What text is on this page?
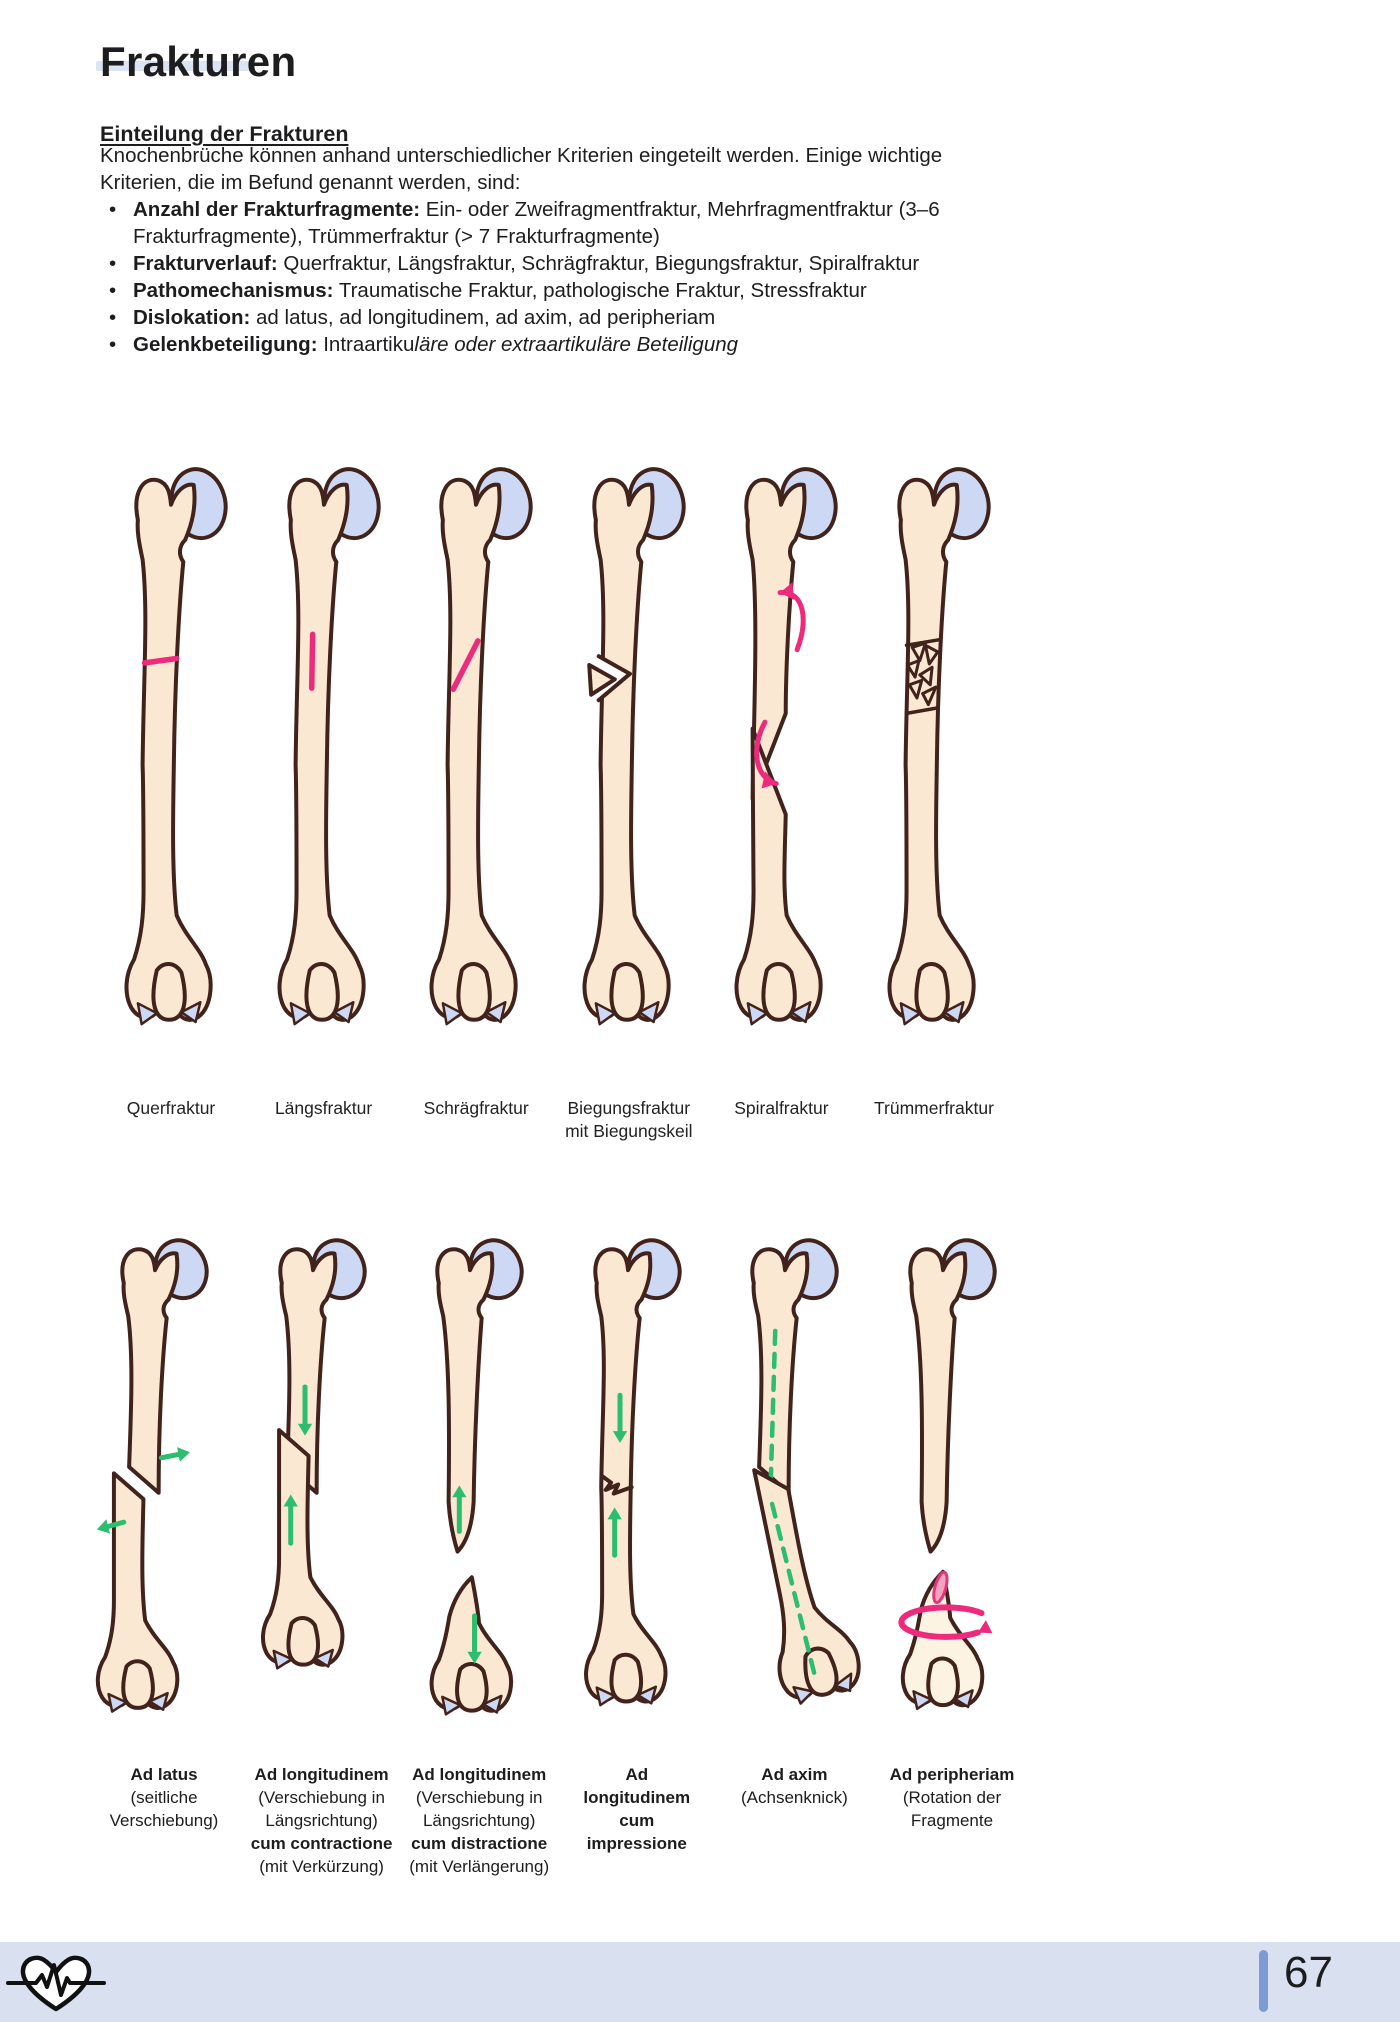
Frakturen
Einteilung der Frakturen

Knochenbrüche können anhand unterschiedlicher Kriterien eingeteilt werden. Einige wichtige Kriterien, die im Befund genannt werden, sind:

• Anzahl der Frakturfragmente: Ein- oder Zweifragmentfraktur, Mehrfragmentfraktur (3–6 Frakturfragmente), Trümmerfraktur (> 7 Frakturfragmente)
• Frakturverlauf: Querfraktur, Längsfraktur, Schrägfraktur, Biegungsfraktur, Spiralfraktur
• Pathomechanismus: Traumatische Fraktur, pathologische Fraktur, Stressfraktur
• Dislokation: ad latus, ad longitudinem, ad axim, ad peripheriam
• Gelenkbeteiligung: Intraartikuläre oder extraartikuläre Beteiligung
Querfraktur	Längsfraktur	Schrägfraktur	Biegungsfraktur mit Biegungskeil
Spiralfraktur	Trümmerfraktur
Ad latus
(seitliche Verschiebung)
Ad longitudinem
(Verschiebung in Längsrichtung)
cum contractione
(mit Verkürzung)
Ad longitudinem
(Verschiebung in Längsrichtung)
cum distractione
(mit Verlängerung)
Ad longitudinem cum impressione
Ad axim
(Achsenknick)
Ad peripheriam
(Rotation der Fragmente
67
